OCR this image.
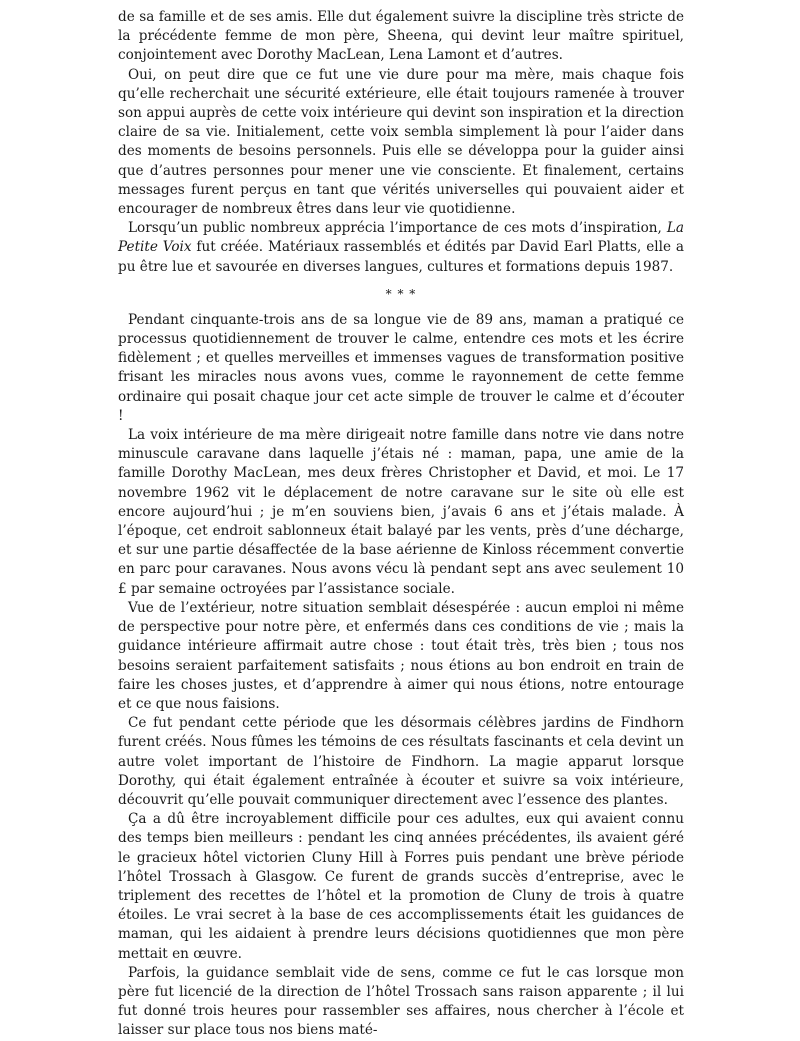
de sa famille et de ses amis. Elle dut également suivre la discipline très stricte de la précédente femme de mon père, Sheena, qui devint leur maître spirituel, conjointement avec Dorothy MacLean, Lena Lamont et d’autres.

Oui, on peut dire que ce fut une vie dure pour ma mère, mais chaque fois qu’elle recherchait une sécurité extérieure, elle était toujours ramenée à trouver son appui auprès de cette voix intérieure qui devint son inspiration et la direction claire de sa vie. Initialement, cette voix sembla simplement là pour l’aider dans des moments de besoins personnels. Puis elle se développa pour la guider ainsi que d’autres personnes pour mener une vie consciente. Et finalement, certains messages furent perçus en tant que vérités universelles qui pouvaient aider et encourager de nombreux êtres dans leur vie quotidienne.

Lorsqu’un public nombreux apprécia l’importance de ces mots d’inspiration, La Petite Voix fut créée. Matériaux rassemblés et édités par David Earl Platts, elle a pu être lue et savourée en diverses langues, cultures et formations depuis 1987.

* * *

Pendant cinquante-trois ans de sa longue vie de 89 ans, maman a pratiqué ce processus quotidiennement de trouver le calme, entendre ces mots et les écrire fidèlement ; et quelles merveilles et immenses vagues de transformation positive frisant les miracles nous avons vues, comme le rayonnement de cette femme ordinaire qui posait chaque jour cet acte simple de trouver le calme et d’écouter !

La voix intérieure de ma mère dirigeait notre famille dans notre vie dans notre minuscule caravane dans laquelle j’étais né : maman, papa, une amie de la famille Dorothy MacLean, mes deux frères Christopher et David, et moi. Le 17 novembre 1962 vit le déplacement de notre caravane sur le site où elle est encore aujourd’hui ; je m’en souviens bien, j’avais 6 ans et j’étais malade. À l’époque, cet endroit sablonneux était balayé par les vents, près d’une décharge, et sur une partie désaffectée de la base aérienne de Kinloss récemment convertie en parc pour caravanes. Nous avons vécu là pendant sept ans avec seulement 10 £ par semaine octroyées par l’assistance sociale.

Vue de l’extérieur, notre situation semblait désespérée : aucun emploi ni même de perspective pour notre père, et enfermés dans ces conditions de vie ; mais la guidance intérieure affirmait autre chose : tout était très, très bien ; tous nos besoins seraient parfaitement satisfaits ; nous étions au bon endroit en train de faire les choses justes, et d’apprendre à aimer qui nous étions, notre entourage et ce que nous faisions.

Ce fut pendant cette période que les désormais célèbres jardins de Findhorn furent créés. Nous fûmes les témoins de ces résultats fascinants et cela devint un autre volet important de l’histoire de Findhorn. La magie apparut lorsque Dorothy, qui était également entraînée à écouter et suivre sa voix intérieure, découvrit qu’elle pouvait communiquer directement avec l’essence des plantes.

Ça a dû être incroyablement difficile pour ces adultes, eux qui avaient connu des temps bien meilleurs : pendant les cinq années précédentes, ils avaient géré le gracieux hôtel victorien Cluny Hill à Forres puis pendant une brève période l’hôtel Trossach à Glasgow. Ce furent de grands succès d’entreprise, avec le triplement des recettes de l’hôtel et la promotion de Cluny de trois à quatre étoiles. Le vrai secret à la base de ces accomplissements était les guidances de maman, qui les aidaient à prendre leurs décisions quotidiennes que mon père mettait en œuvre.

Parfois, la guidance semblait vide de sens, comme ce fut le cas lorsque mon père fut licencié de la direction de l’hôtel Trossach sans raison apparente ; il lui fut donné trois heures pour rassembler ses affaires, nous chercher à l’école et laisser sur place tous nos biens maté-
